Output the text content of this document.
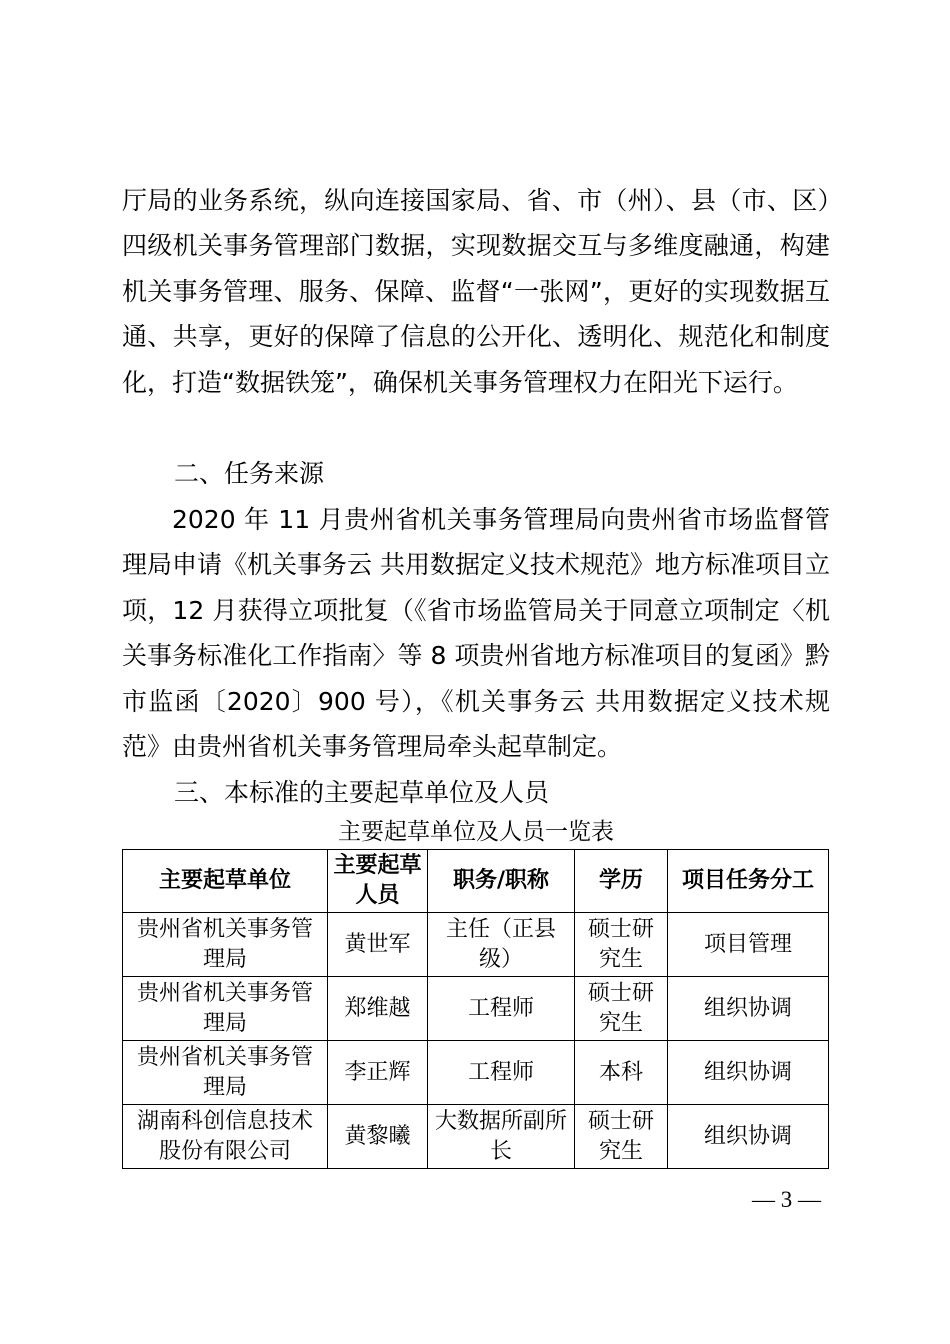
厅局的业务系统，纵向连接国家局、省、市（州）、县（市、区）四级机关事务管理部门数据，实现数据交互与多维度融通，构建机关事务管理、服务、保障、监督“一张网”，更好的实现数据互通、共享，更好的保障了信息的公开化、透明化、规范化和制度化，打造“数据铁笼”，确保机关事务管理权力在阳光下运行。

二、任务来源

2020 年 11 月贵州省机关事务管理局向贵州省市场监督管理局申请《机关事务云 共用数据定义技术规范》地方标准项目立项，12 月获得立项批复（《省市场监管局关于同意立项制定〈机关事务标准化工作指南〉等 8 项贵州省地方标准项目的复函》黔市监函〔2020〕900 号），《机关事务云 共用数据定义技术规范》由贵州省机关事务管理局牵头起草制定。

三、本标准的主要起草单位及人员

主要起草单位及人员一览表

主要起草单位	主要起草人员	职务/职称	学历	项目任务分工
贵州省机关事务管理局	黄世军	主任（正县级）	硕士研究生	项目管理
贵州省机关事务管理局	郑维越	工程师	硕士研究生	组织协调
贵州省机关事务管理局	李正辉	工程师	本科	组织协调
湖南科创信息技术股份有限公司	黄黎曦	大数据所副所长	硕士研究生	组织协调
— 3 —
